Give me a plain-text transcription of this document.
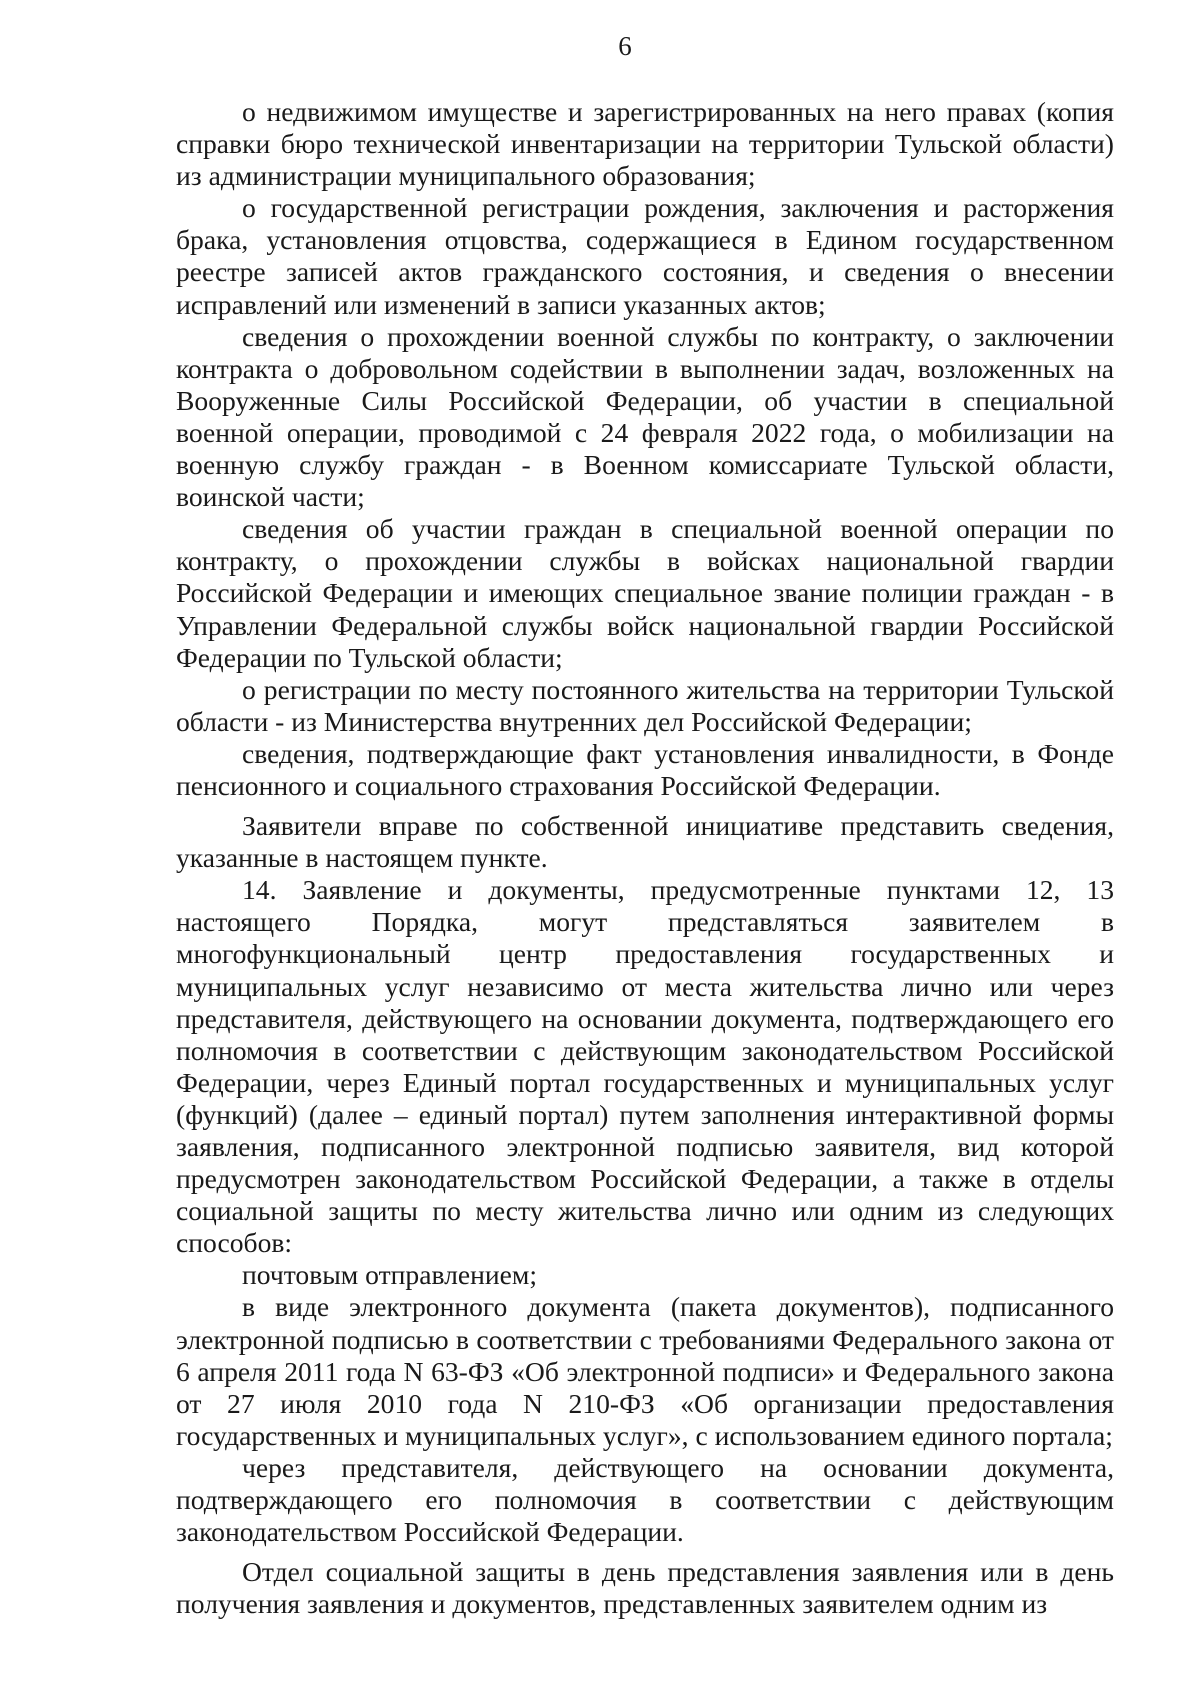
6

о недвижимом имуществе и зарегистрированных на него правах (копия справки бюро технической инвентаризации на территории Тульской области) из администрации муниципального образования;

о государственной регистрации рождения, заключения и расторжения брака, установления отцовства, содержащиеся в Едином государственном реестре записей актов гражданского состояния, и сведения о внесении исправлений или изменений в записи указанных актов;

сведения о прохождении военной службы по контракту, о заключении контракта о добровольном содействии в выполнении задач, возложенных на Вооруженные Силы Российской Федерации, об участии в специальной военной операции, проводимой с 24 февраля 2022 года, о мобилизации на военную службу граждан - в Военном комиссариате Тульской области, воинской части;

сведения об участии граждан в специальной военной операции по контракту, о прохождении службы в войсках национальной гвардии Российской Федерации и имеющих специальное звание полиции граждан - в Управлении Федеральной службы войск национальной гвардии Российской Федерации по Тульской области;

о регистрации по месту постоянного жительства на территории Тульской области - из Министерства внутренних дел Российской Федерации;

сведения, подтверждающие факт установления инвалидности, в Фонде пенсионного и социального страхования Российской Федерации.

Заявители вправе по собственной инициативе представить сведения, указанные в настоящем пункте.

14. Заявление и документы, предусмотренные пунктами 12, 13 настоящего Порядка, могут представляться заявителем в многофункциональный центр предоставления государственных и муниципальных услуг независимо от места жительства лично или через представителя, действующего на основании документа, подтверждающего его полномочия в соответствии с действующим законодательством Российской Федерации, через Единый портал государственных и муниципальных услуг (функций) (далее – единый портал) путем заполнения интерактивной формы заявления, подписанного электронной подписью заявителя, вид которой предусмотрен законодательством Российской Федерации, а также в отделы социальной защиты по месту жительства лично или одним из следующих способов:

почтовым отправлением;

в виде электронного документа (пакета документов), подписанного электронной подписью в соответствии с требованиями Федерального закона от 6 апреля 2011 года N 63-ФЗ «Об электронной подписи» и Федерального закона от 27 июля 2010 года N 210-ФЗ «Об организации предоставления государственных и муниципальных услуг», с использованием единого портала;

через представителя, действующего на основании документа, подтверждающего его полномочия в соответствии с действующим законодательством Российской Федерации.

Отдел социальной защиты в день представления заявления или в день получения заявления и документов, представленных заявителем одним из
